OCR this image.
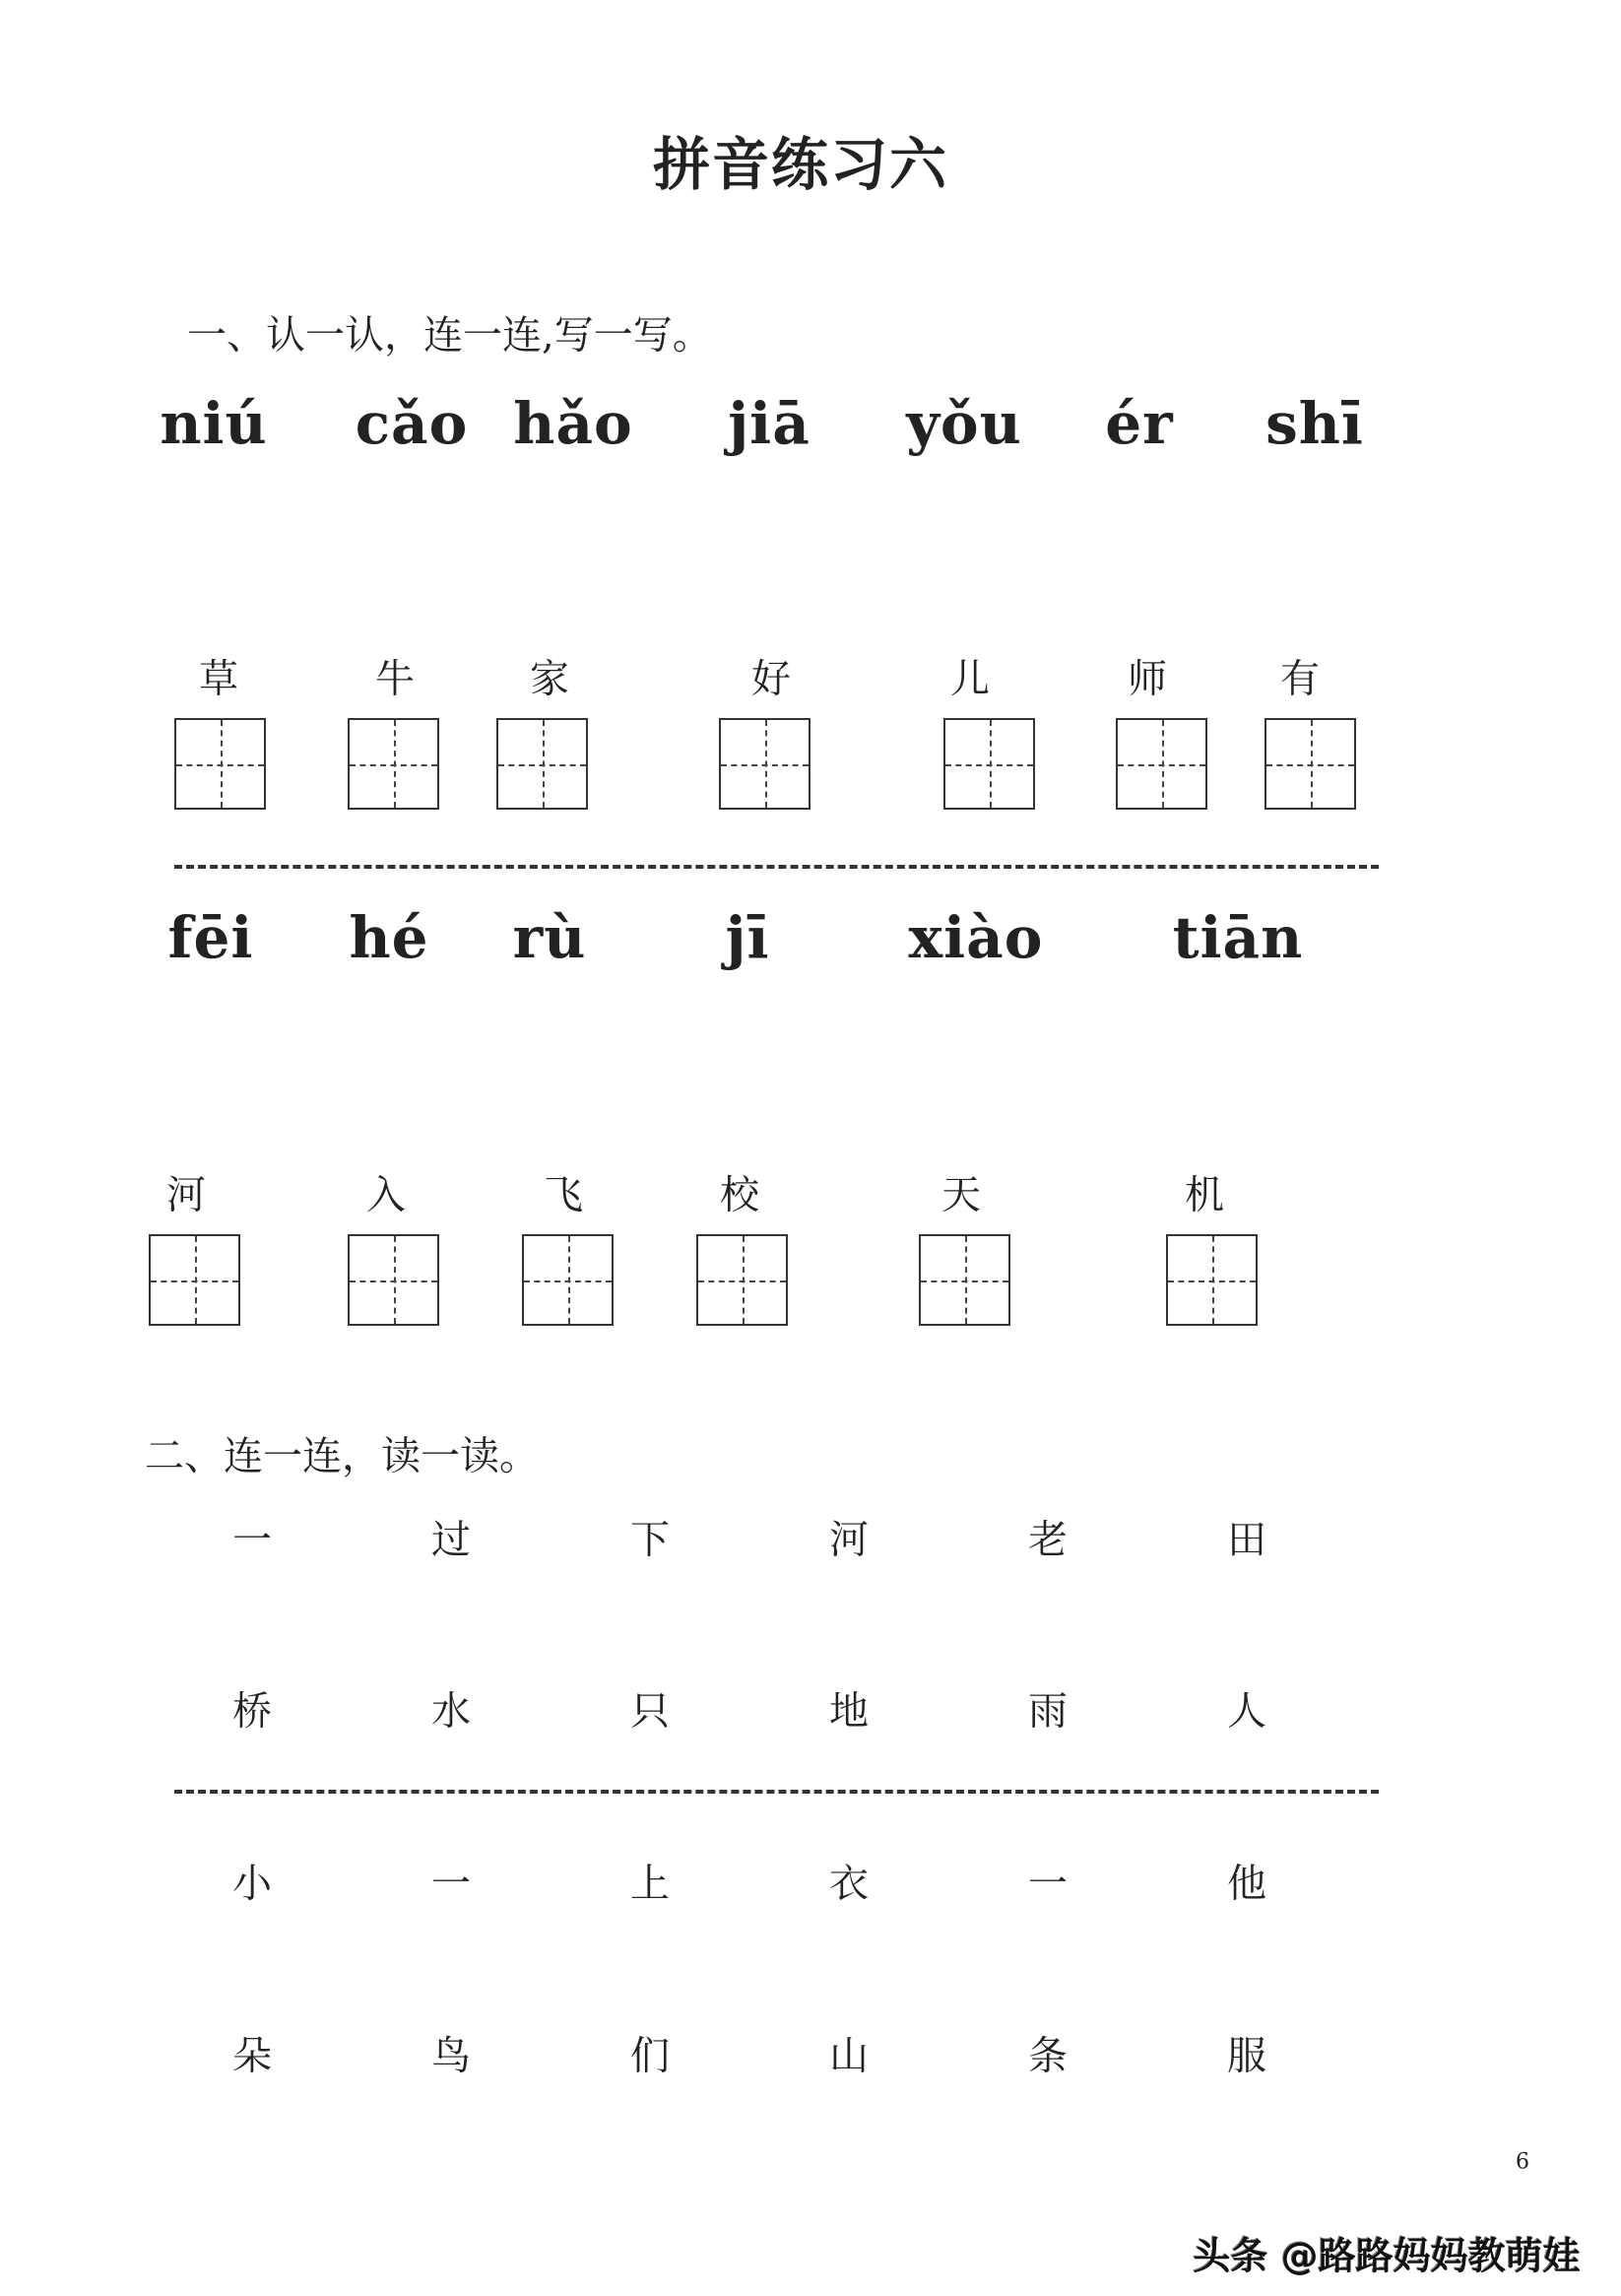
拼音练习六
一、认一认，连一连,写一写。
niú cǎo hǎo jiā yǒu ér shī
草	牛	家	好	儿	师	有
fēi hé rù jī xiào tiān
河	入	飞	校	天	机
二、连一连，读一读。
一	过	下	河	老	田
桥	水	只	地	雨	人
小	一	上	衣	一	他
朵	鸟	们	山	条	服
6
头条 @路路妈妈教萌娃
